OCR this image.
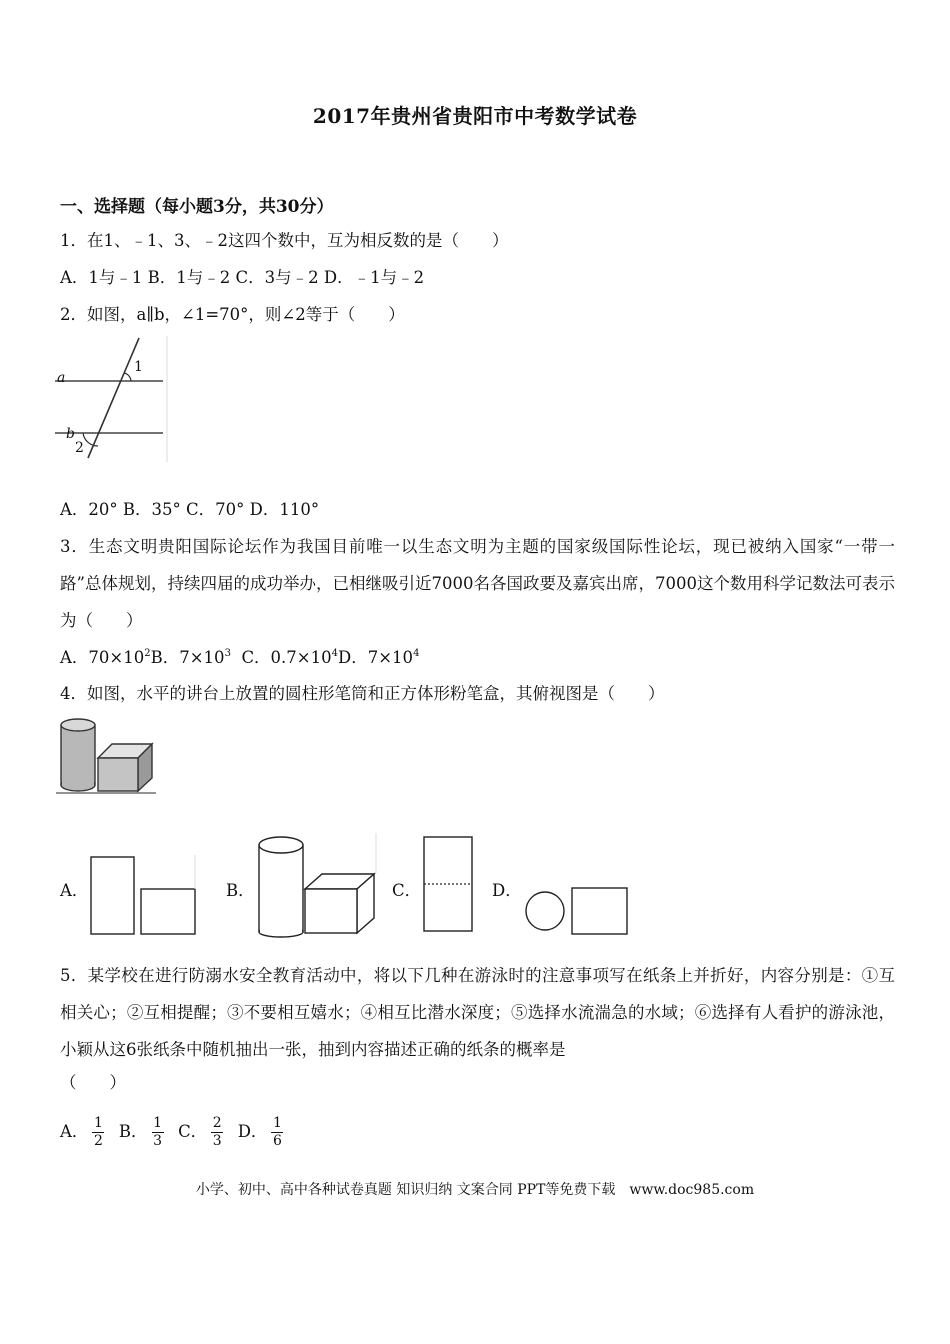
2017年贵州省贵阳市中考数学试卷
一、选择题（每小题3分，共30分）
1．在1、﹣1、3、﹣2这四个数中，互为相反数的是（　　）
A．1与﹣1 B．1与﹣2 C．3与﹣2 D．﹣1与﹣2
2．如图，a∥b，∠1=70°，则∠2等于（　　）
a
b
1
2
A．20° B．35° C．70° D．110°
3．生态文明贵阳国际论坛作为我国目前唯一以生态文明为主题的国家级国际性论坛，现已被纳入国家“一带一路”总体规划，持续四届的成功举办，已相继吸引近7000名各国政要及嘉宾出席，7000这个数用科学记数法可表示为（　　）
A．$70\times 10^2B$．$7\times 10^3$ C．$0.7\times 10^4D$．$7\times 10^4$
4．如图，水平的讲台上放置的圆柱形笔筒和正方体形粉笔盒，其俯视图是（　　）
A．	B．	C．	D．
5．某学校在进行防溺水安全教育活动中，将以下几种在游泳时的注意事项写在纸条上并折好，内容分别是：①互相关心；②互相提醒；③不要相互嬉水；④相互比潜水深度；⑤选择水流湍急的水域；⑥选择有人看护的游泳池，小颖从这6张纸条中随机抽出一张，抽到内容描述正确的纸条的概率是
（　　）
A． $\frac{1}{2}$ B． $\frac{1}{3}$ C． $\frac{2}{3}$ D． $\frac{1}{6}$
小学、初中、高中各种试卷真题 知识归纳 文案合同 PPT等免费下载　www.doc985.com
